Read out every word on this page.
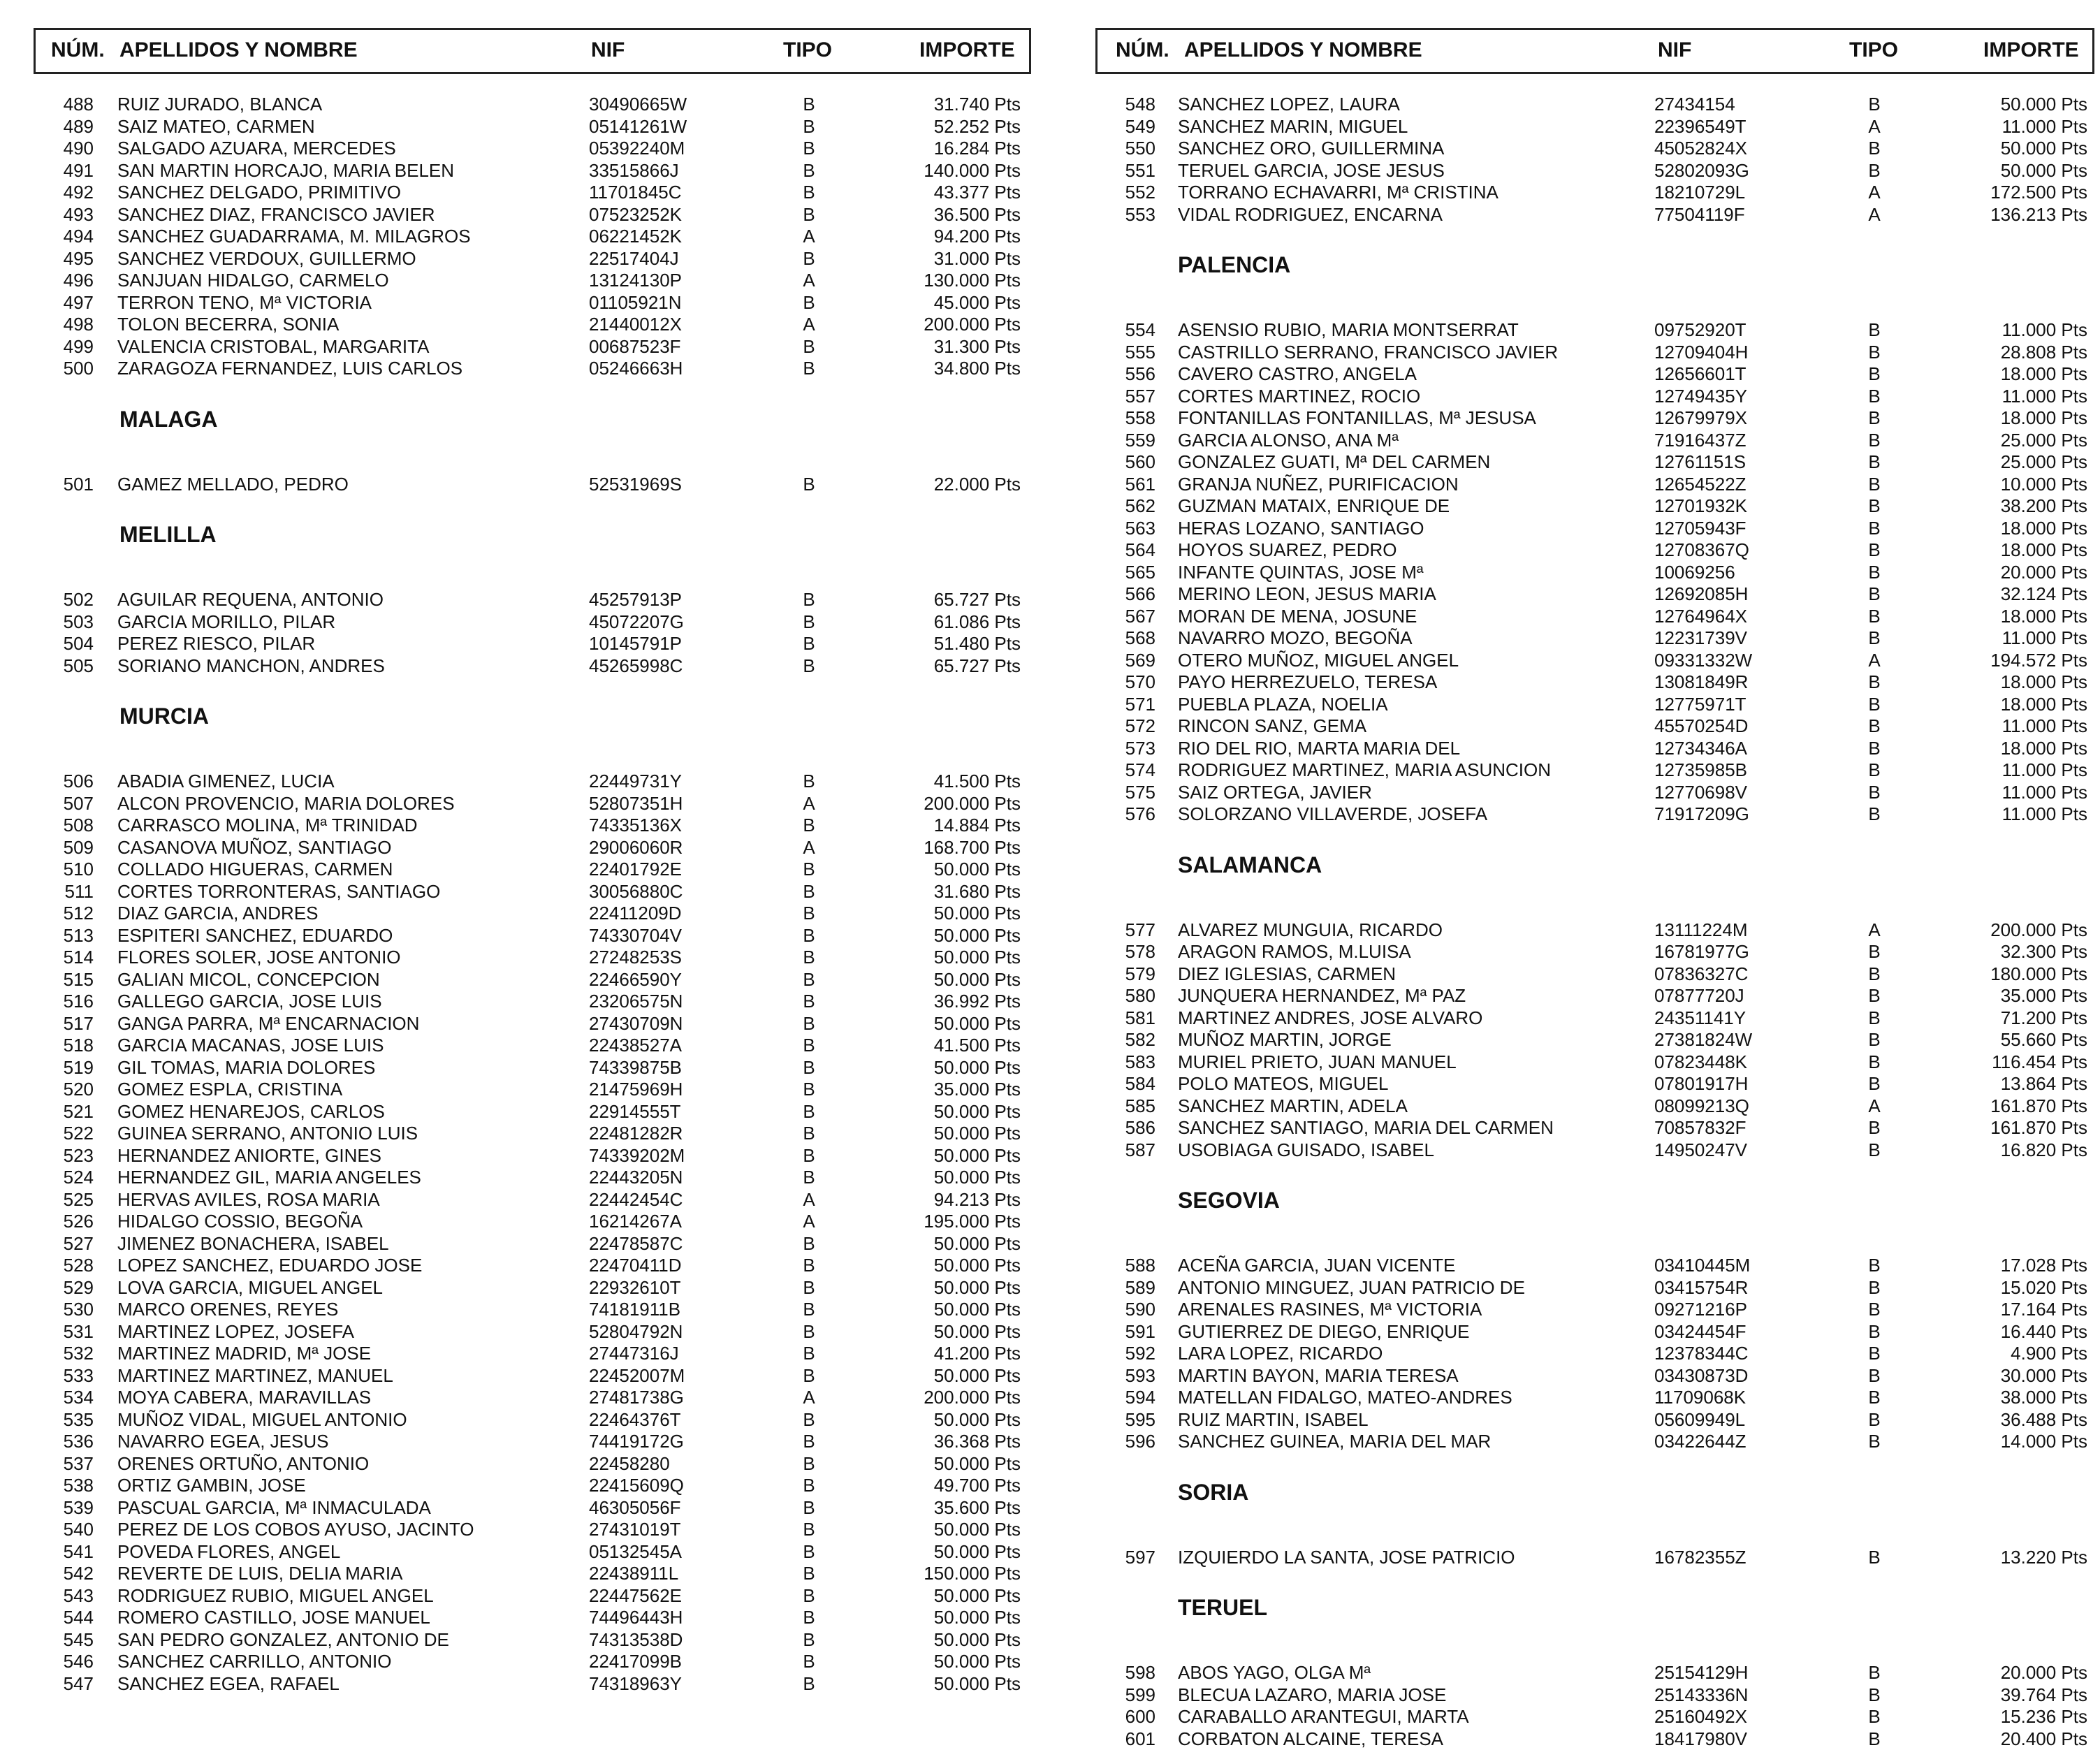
NÚM. APELLIDOS Y NOMBRE	NIF	TIPO	IMPORTE
488 RUIZ JURADO, BLANCA	30490665W	B	31.740 Pts
489 SAIZ MATEO, CARMEN	05141261W	B	52.252 Pts
490 SALGADO AZUARA, MERCEDES	05392240M	B	16.284 Pts
491 SAN MARTIN HORCAJO, MARIA BELEN	33515866J	B	140.000 Pts
492 SANCHEZ DELGADO, PRIMITIVO	11701845C	B	43.377 Pts
493 SANCHEZ DIAZ, FRANCISCO JAVIER	07523252K	B	36.500 Pts
494 SANCHEZ GUADARRAMA, M. MILAGROS	06221452K	A	94.200 Pts
495 SANCHEZ VERDOUX, GUILLERMO	22517404J	B	31.000 Pts
496 SANJUAN HIDALGO, CARMELO	13124130P	A	130.000 Pts
497 TERRON TENO, Mª VICTORIA	01105921N	B	45.000 Pts
498 TOLON BECERRA, SONIA	21440012X	A	200.000 Pts
499 VALENCIA CRISTOBAL, MARGARITA	00687523F	B	31.300 Pts
500 ZARAGOZA FERNANDEZ, LUIS CARLOS	05246663H	B	34.800 Pts
MALAGA
501 GAMEZ MELLADO, PEDRO	52531969S	B	22.000 Pts
MELILLA
502 AGUILAR REQUENA, ANTONIO	45257913P	B	65.727 Pts
503 GARCIA MORILLO, PILAR	45072207G	B	61.086 Pts
504 PEREZ RIESCO, PILAR	10145791P	B	51.480 Pts
505 SORIANO MANCHON, ANDRES	45265998C	B	65.727 Pts
MURCIA
506 ABADIA GIMENEZ, LUCIA	22449731Y	B	41.500 Pts
507 ALCON PROVENCIO, MARIA DOLORES	52807351H	A	200.000 Pts
508 CARRASCO MOLINA, Mª TRINIDAD	74335136X	B	14.884 Pts
509 CASANOVA MUÑOZ, SANTIAGO	29006060R	A	168.700 Pts
510 COLLADO HIGUERAS, CARMEN	22401792E	B	50.000 Pts
511 CORTES TORRONTERAS, SANTIAGO	30056880C	B	31.680 Pts
512 DIAZ GARCIA, ANDRES	22411209D	B	50.000 Pts
513 ESPITERI SANCHEZ, EDUARDO	74330704V	B	50.000 Pts
514 FLORES SOLER, JOSE ANTONIO	27248253S	B	50.000 Pts
515 GALIAN MICOL, CONCEPCION	22466590Y	B	50.000 Pts
516 GALLEGO GARCIA, JOSE LUIS	23206575N	B	36.992 Pts
517 GANGA PARRA, Mª ENCARNACION	27430709N	B	50.000 Pts
518 GARCIA MACANAS, JOSE LUIS	22438527A	B	41.500 Pts
519 GIL TOMAS, MARIA DOLORES	74339875B	B	50.000 Pts
520 GOMEZ ESPLA, CRISTINA	21475969H	B	35.000 Pts
521 GOMEZ HENAREJOS, CARLOS	22914555T	B	50.000 Pts
522 GUINEA SERRANO, ANTONIO LUIS	22481282R	B	50.000 Pts
523 HERNANDEZ ANIORTE, GINES	74339202M	B	50.000 Pts
524 HERNANDEZ GIL, MARIA ANGELES	22443205N	B	50.000 Pts
525 HERVAS AVILES, ROSA MARIA	22442454C	A	94.213 Pts
526 HIDALGO COSSIO, BEGOÑA	16214267A	A	195.000 Pts
527 JIMENEZ BONACHERA, ISABEL	22478587C	B	50.000 Pts
528 LOPEZ SANCHEZ, EDUARDO JOSE	22470411D	B	50.000 Pts
529 LOVA GARCIA, MIGUEL ANGEL	22932610T	B	50.000 Pts
530 MARCO ORENES, REYES	74181911B	B	50.000 Pts
531 MARTINEZ LOPEZ, JOSEFA	52804792N	B	50.000 Pts
532 MARTINEZ MADRID, Mª JOSE	27447316J	B	41.200 Pts
533 MARTINEZ MARTINEZ, MANUEL	22452007M	B	50.000 Pts
534 MOYA CABERA, MARAVILLAS	27481738G	A	200.000 Pts
535 MUÑOZ VIDAL, MIGUEL ANTONIO	22464376T	B	50.000 Pts
536 NAVARRO EGEA, JESUS	74419172G	B	36.368 Pts
537 ORENES ORTUÑO, ANTONIO	22458280	B	50.000 Pts
538 ORTIZ GAMBIN, JOSE	22415609Q	B	49.700 Pts
539 PASCUAL GARCIA, Mª INMACULADA	46305056F	B	35.600 Pts
540 PEREZ DE LOS COBOS AYUSO, JACINTO	27431019T	B	50.000 Pts
541 POVEDA FLORES, ANGEL	05132545A	B	50.000 Pts
542 REVERTE DE LUIS, DELIA MARIA	22438911L	B	150.000 Pts
543 RODRIGUEZ RUBIO, MIGUEL ANGEL	22447562E	B	50.000 Pts
544 ROMERO CASTILLO, JOSE MANUEL	74496443H	B	50.000 Pts
545 SAN PEDRO GONZALEZ, ANTONIO DE	74313538D	B	50.000 Pts
546 SANCHEZ CARRILLO, ANTONIO	22417099B	B	50.000 Pts
547 SANCHEZ EGEA, RAFAEL	74318963Y	B	50.000 Pts
NÚM. APELLIDOS Y NOMBRE	NIF	TIPO	IMPORTE
548 SANCHEZ LOPEZ, LAURA	27434154	B	50.000 Pts
549 SANCHEZ MARIN, MIGUEL	22396549T	A	11.000 Pts
550 SANCHEZ ORO, GUILLERMINA	45052824X	B	50.000 Pts
551 TERUEL GARCIA, JOSE JESUS	52802093G	B	50.000 Pts
552 TORRANO ECHAVARRI, Mª CRISTINA	18210729L	A	172.500 Pts
553 VIDAL RODRIGUEZ, ENCARNA	77504119F	A	136.213 Pts
PALENCIA
554 ASENSIO RUBIO, MARIA MONTSERRAT	09752920T	B	11.000 Pts
555 CASTRILLO SERRANO, FRANCISCO JAVIER	12709404H	B	28.808 Pts
556 CAVERO CASTRO, ANGELA	12656601T	B	18.000 Pts
557 CORTES MARTINEZ, ROCIO	12749435Y	B	11.000 Pts
558 FONTANILLAS FONTANILLAS, Mª JESUSA	12679979X	B	18.000 Pts
559 GARCIA ALONSO, ANA Mª	71916437Z	B	25.000 Pts
560 GONZALEZ GUATI, Mª DEL CARMEN	12761151S	B	25.000 Pts
561 GRANJA NUÑEZ, PURIFICACION	12654522Z	B	10.000 Pts
562 GUZMAN MATAIX, ENRIQUE DE	12701932K	B	38.200 Pts
563 HERAS LOZANO, SANTIAGO	12705943F	B	18.000 Pts
564 HOYOS SUAREZ, PEDRO	12708367Q	B	18.000 Pts
565 INFANTE QUINTAS, JOSE Mª	10069256	B	20.000 Pts
566 MERINO LEON, JESUS MARIA	12692085H	B	32.124 Pts
567 MORAN DE MENA, JOSUNE	12764964X	B	18.000 Pts
568 NAVARRO MOZO, BEGOÑA	12231739V	B	11.000 Pts
569 OTERO MUÑOZ, MIGUEL ANGEL	09331332W	A	194.572 Pts
570 PAYO HERREZUELO, TERESA	13081849R	B	18.000 Pts
571 PUEBLA PLAZA, NOELIA	12775971T	B	18.000 Pts
572 RINCON SANZ, GEMA	45570254D	B	11.000 Pts
573 RIO DEL RIO, MARTA MARIA DEL	12734346A	B	18.000 Pts
574 RODRIGUEZ MARTINEZ, MARIA ASUNCION	12735985B	B	11.000 Pts
575 SAIZ ORTEGA, JAVIER	12770698V	B	11.000 Pts
576 SOLORZANO VILLAVERDE, JOSEFA	71917209G	B	11.000 Pts
SALAMANCA
577 ALVAREZ MUNGUIA, RICARDO	13111224M	A	200.000 Pts
578 ARAGON RAMOS, M.LUISA	16781977G	B	32.300 Pts
579 DIEZ IGLESIAS, CARMEN	07836327C	B	180.000 Pts
580 JUNQUERA HERNANDEZ, Mª PAZ	07877720J	B	35.000 Pts
581 MARTINEZ ANDRES, JOSE ALVARO	24351141Y	B	71.200 Pts
582 MUÑOZ MARTIN, JORGE	27381824W	B	55.660 Pts
583 MURIEL PRIETO, JUAN MANUEL	07823448K	B	116.454 Pts
584 POLO MATEOS, MIGUEL	07801917H	B	13.864 Pts
585 SANCHEZ MARTIN, ADELA	08099213Q	A	161.870 Pts
586 SANCHEZ SANTIAGO, MARIA DEL CARMEN	70857832F	B	161.870 Pts
587 USOBIAGA GUISADO, ISABEL	14950247V	B	16.820 Pts
SEGOVIA
588 ACEÑA GARCIA, JUAN VICENTE	03410445M	B	17.028 Pts
589 ANTONIO MINGUEZ, JUAN PATRICIO DE	03415754R	B	15.020 Pts
590 ARENALES RASINES, Mª VICTORIA	09271216P	B	17.164 Pts
591 GUTIERREZ DE DIEGO, ENRIQUE	03424454F	B	16.440 Pts
592 LARA LOPEZ, RICARDO	12378344C	B	4.900 Pts
593 MARTIN BAYON, MARIA TERESA	03430873D	B	30.000 Pts
594 MATELLAN FIDALGO, MATEO-ANDRES	11709068K	B	38.000 Pts
595 RUIZ MARTIN, ISABEL	05609949L	B	36.488 Pts
596 SANCHEZ GUINEA, MARIA DEL MAR	03422644Z	B	14.000 Pts
SORIA
597 IZQUIERDO LA SANTA, JOSE PATRICIO	16782355Z	B	13.220 Pts
TERUEL
598 ABOS YAGO, OLGA Mª	25154129H	B	20.000 Pts
599 BLECUA LAZARO, MARIA JOSE	25143336N	B	39.764 Pts
600 CARABALLO ARANTEGUI, MARTA	25160492X	B	15.236 Pts
601 CORBATON ALCAINE, TERESA	18417980V	B	20.400 Pts
